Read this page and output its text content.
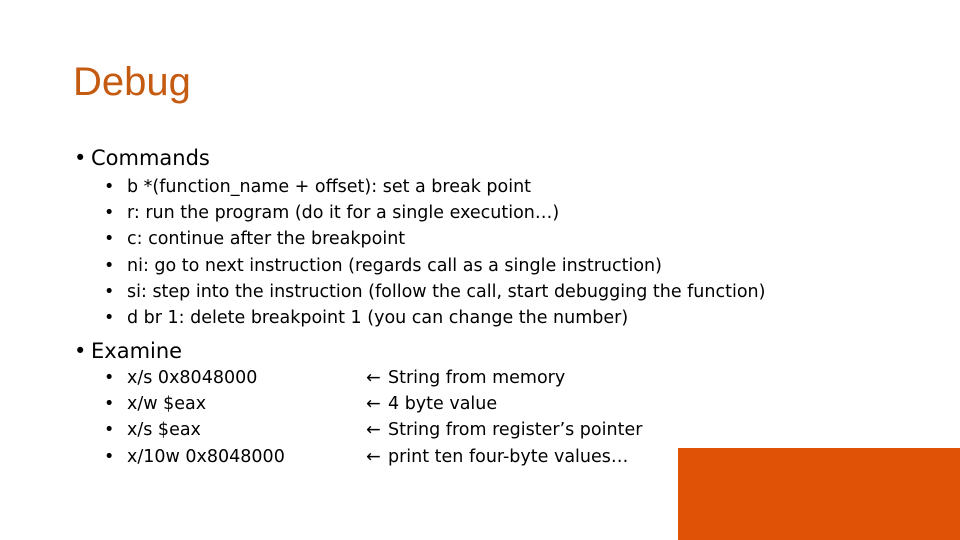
Debug
• Commands
• b *(function_name + offset): set a break point
• r: run the program (do it for a single execution…)
• c: continue after the breakpoint
• ni: go to next instruction (regards call as a single instruction)
• si: step into the instruction (follow the call, start debugging the function)
• d br 1: delete breakpoint 1 (you can change the number)
• Examine
• x/s 0x8048000
• x/w $eax
• x/s $eax
• x/10w 0x8048000
← String from memory
← 4 byte value
← String from register’s pointer
← print ten four-byte values…
